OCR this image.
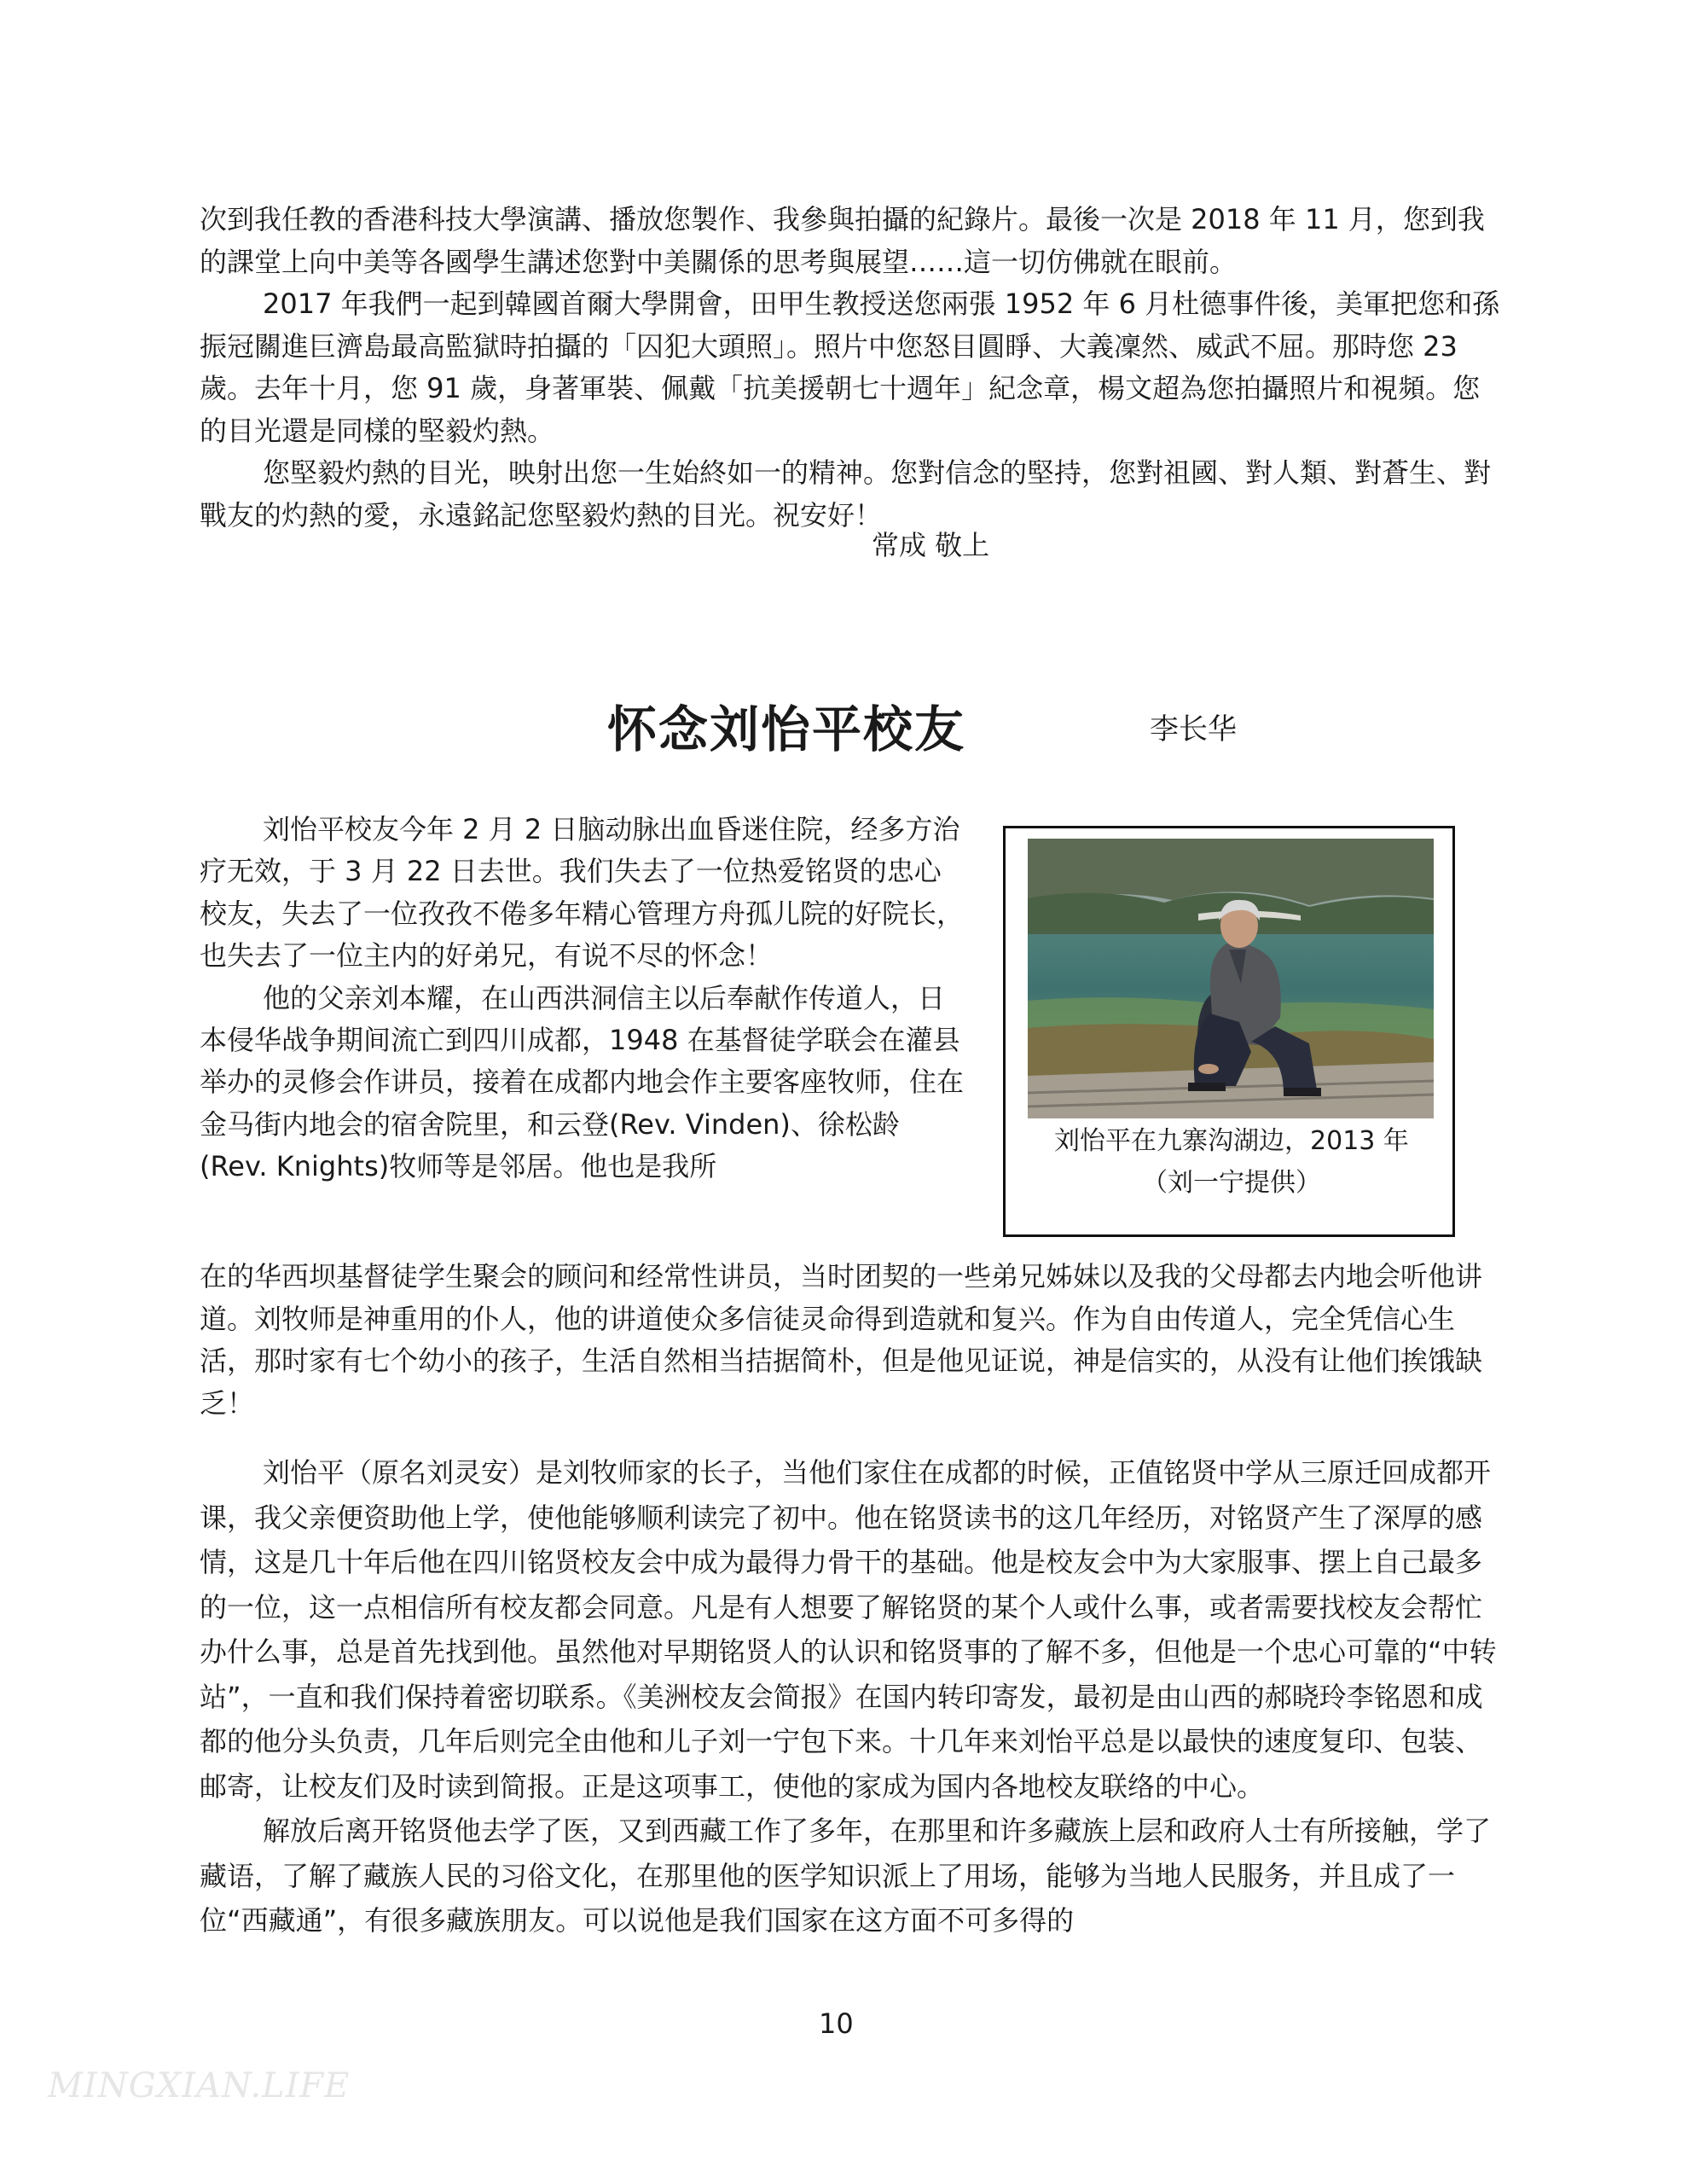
次到我任教的香港科技大學演講、播放您製作、我參與拍攝的紀錄片。最後一次是 2018 年 11 月，您到我的課堂上向中美等各國學生講述您對中美關係的思考與展望……這一切仿佛就在眼前。

2017 年我們一起到韓國首爾大學開會，田甲生教授送您兩張 1952 年 6 月杜德事件後，美軍把您和孫振冠關進巨濟島最高監獄時拍攝的「囚犯大頭照」。照片中您怒目圓睜、大義凜然、威武不屈。那時您 23 歲。去年十月，您 91 歲，身著軍裝、佩戴「抗美援朝七十週年」紀念章，楊文超為您拍攝照片和視頻。您的目光還是同樣的堅毅灼熱。

您堅毅灼熱的目光，映射出您一生始終如一的精神。您對信念的堅持，您對祖國、對人類、對蒼生、對戰友的灼熱的愛，永遠銘記您堅毅灼熱的目光。祝安好！

常成 敬上
怀念刘怡平校友	李长华

刘怡平校友今年 2 月 2 日脑动脉出血昏迷住院，经多方治疗无效，于 3 月 22 日去世。我们失去了一位热爱铭贤的忠心校友，失去了一位孜孜不倦多年精心管理方舟孤儿院的好院长，也失去了一位主内的好弟兄，有说不尽的怀念！

他的父亲刘本耀，在山西洪洞信主以后奉献作传道人，日本侵华战争期间流亡到四川成都，1948 在基督徒学联会在灌县举办的灵修会作讲员，接着在成都内地会作主要客座牧师，住在金马街内地会的宿舍院里，和云登(Rev. Vinden)、徐松龄(Rev. Knights)牧师等是邻居。他也是我所

刘怡平在九寨沟湖边，2013 年
（刘一宁提供）

在的华西坝基督徒学生聚会的顾问和经常性讲员，当时团契的一些弟兄姊妹以及我的父母都去内地会听他讲道。刘牧师是神重用的仆人，他的讲道使众多信徒灵命得到造就和复兴。作为自由传道人，完全凭信心生活，那时家有七个幼小的孩子，生活自然相当拮据简朴，但是他见证说，神是信实的，从没有让他们挨饿缺乏！

刘怡平（原名刘灵安）是刘牧师家的长子，当他们家住在成都的时候，正值铭贤中学从三原迁回成都开课，我父亲便资助他上学，使他能够顺利读完了初中。他在铭贤读书的这几年经历，对铭贤产生了深厚的感情，这是几十年后他在四川铭贤校友会中成为最得力骨干的基础。他是校友会中为大家服事、摆上自己最多的一位，这一点相信所有校友都会同意。凡是有人想要了解铭贤的某个人或什么事，或者需要找校友会帮忙办什么事，总是首先找到他。虽然他对早期铭贤人的认识和铭贤事的了解不多，但他是一个忠心可靠的“中转站”，一直和我们保持着密切联系。《美洲校友会简报》在国内转印寄发，最初是由山西的郝晓玲李铭恩和成都的他分头负责，几年后则完全由他和儿子刘一宁包下来。十几年来刘怡平总是以最快的速度复印、包装、邮寄，让校友们及时读到简报。正是这项事工，使他的家成为国内各地校友联络的中心。

解放后离开铭贤他去学了医，又到西藏工作了多年，在那里和许多藏族上层和政府人士有所接触，学了藏语，了解了藏族人民的习俗文化，在那里他的医学知识派上了用场，能够为当地人民服务，并且成了一位“西藏通”，有很多藏族朋友。可以说他是我们国家在这方面不可多得的

10
MINGXIAN.LIFE
